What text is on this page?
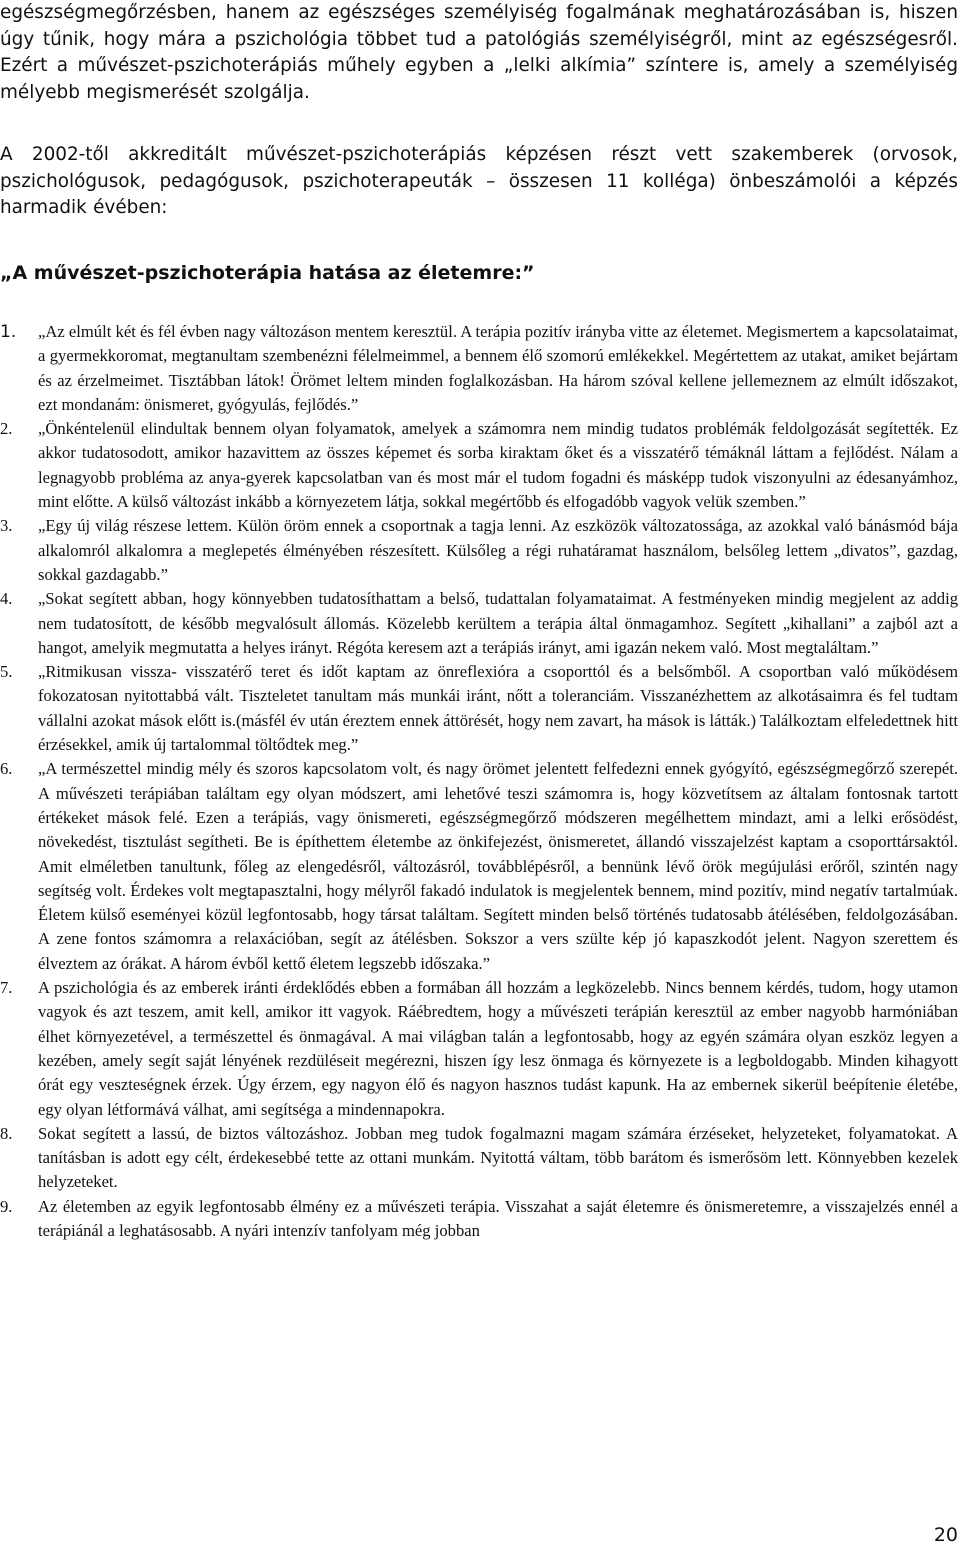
egészségmegőrzésben, hanem az egészséges személyiség fogalmának meghatározásában is, hiszen úgy tűnik, hogy mára a pszichológia többet tud a patológiás személyiségről, mint az egészségesről. Ezért a művészet-pszichoterápiás műhely egyben a „lelki alkímia” színtere is, amely a személyiség mélyebb megismerését szolgálja.

A 2002-től akkreditált művészet-pszichoterápiás képzésen részt vett szakemberek (orvosok, pszichológusok, pedagógusok, pszichoterapeuták – összesen 11 kolléga) önbeszámolói a képzés harmadik évében:

„A művészet-pszichoterápia hatása az életemre:”

1. „Az elmúlt két és fél évben nagy változáson mentem keresztül. A terápia pozitív irányba vitte az életemet. Megismertem a kapcsolataimat, a gyermekkoromat, megtanultam szembenézni félelmeimmel, a bennem élő szomorú emlékekkel. Megértettem az utakat, amiket bejártam és az érzelmeimet. Tisztábban látok! Örömet leltem minden foglalkozásban. Ha három szóval kellene jellemeznem az elmúlt időszakot, ezt mondanám: önismeret, gyógyulás, fejlődés.”
2. „Önkéntelenül elindultak bennem olyan folyamatok, amelyek a számomra nem mindig tudatos problémák feldolgozását segítették. Ez akkor tudatosodott, amikor hazavittem az összes képemet és sorba kiraktam őket és a visszatérő témáknál láttam a fejlődést. Nálam a legnagyobb probléma az anya-gyerek kapcsolatban van és most már el tudom fogadni és másképp tudok viszonyulni az édesanyámhoz, mint előtte. A külső változást inkább a környezetem látja, sokkal megértőbb és elfogadóbb vagyok velük szemben.”
3. „Egy új világ részese lettem. Külön öröm ennek a csoportnak a tagja lenni. Az eszközök változatossága, az azokkal való bánásmód bája alkalomról alkalomra a meglepetés élményében részesített. Külsőleg a régi ruhatáramat használom, belsőleg lettem „divatos”, gazdag, sokkal gazdagabb.”
4. „Sokat segített abban, hogy könnyebben tudatosíthattam a belső, tudattalan folyamataimat. A festményeken mindig megjelent az addig nem tudatosított, de később megvalósult állomás. Közelebb kerültem a terápia által önmagamhoz. Segített „kihallani” a zajból azt a hangot, amelyik megmutatta a helyes irányt. Régóta keresem azt a terápiás irányt, ami igazán nekem való. Most megtaláltam.”
5. „Ritmikusan vissza- visszatérő teret és időt kaptam az önreflexióra a csoporttól és a belsőmből. A csoportban való működésem fokozatosan nyitottabbá vált. Tiszteletet tanultam más munkái iránt, nőtt a toleranciám. Visszanézhettem az alkotásaimra és fel tudtam vállalni azokat mások előtt is.(másfél év után éreztem ennek áttörését, hogy nem zavart, ha mások is látták.) Találkoztam elfeledettnek hitt érzésekkel, amik új tartalommal töltődtek meg.”
6. „A természettel mindig mély és szoros kapcsolatom volt, és nagy örömet jelentett felfedezni ennek gyógyító, egészségmegőrző szerepét. A művészeti terápiában találtam egy olyan módszert, ami lehetővé teszi számomra is, hogy közvetítsem az általam fontosnak tartott értékeket mások felé. Ezen a terápiás, vagy önismereti, egészségmegőrző módszeren megélhettem mindazt, ami a lelki erősödést, növekedést, tisztulást segítheti. Be is építhettem életembe az önkifejezést, önismeretet, állandó visszajelzést kaptam a csoporttársaktól. Amit elméletben tanultunk, főleg az elengedésről, változásról, továbblépésről, a bennünk lévő örök megújulási erőről, szintén nagy segítség volt. Érdekes volt megtapasztalni, hogy mélyről fakadó indulatok is megjelentek bennem, mind pozitív, mind negatív tartalmúak. Életem külső eseményei közül legfontosabb, hogy társat találtam. Segített minden belső történés tudatosabb átélésében, feldolgozásában. A zene fontos számomra a relaxációban, segít az átélésben. Sokszor a vers szülte kép jó kapaszkodót jelent. Nagyon szerettem és élveztem az órákat. A három évből kettő életem legszebb időszaka.”
7. A pszichológia és az emberek iránti érdeklődés ebben a formában áll hozzám a legközelebb. Nincs bennem kérdés, tudom, hogy utamon vagyok és azt teszem, amit kell, amikor itt vagyok. Ráébredtem, hogy a művészeti terápián keresztül az ember nagyobb harmóniában élhet környezetével, a természettel és önmagával. A mai világban talán a legfontosabb, hogy az egyén számára olyan eszköz legyen a kezében, amely segít saját lényének rezdüléseit megérezni, hiszen így lesz önmaga és környezete is a legboldogabb. Minden kihagyott órát egy veszteségnek érzek. Úgy érzem, egy nagyon élő és nagyon hasznos tudást kapunk. Ha az embernek sikerül beépítenie életébe, egy olyan létformává válhat, ami segítséga a mindennapokra.
8. Sokat segített a lassú, de biztos változáshoz. Jobban meg tudok fogalmazni magam számára érzéseket, helyzeteket, folyamatokat. A tanításban is adott egy célt, érdekesebbé tette az ottani munkám. Nyitottá váltam, több barátom és ismerősöm lett. Könnyebben kezelek helyzeteket.
9. Az életemben az egyik legfontosabb élmény ez a művészeti terápia. Visszahat a saját életemre és önismeretemre, a visszajelzés ennél a terápiánál a leghatásosabb. A nyári intenzív tanfolyam még jobban

20
